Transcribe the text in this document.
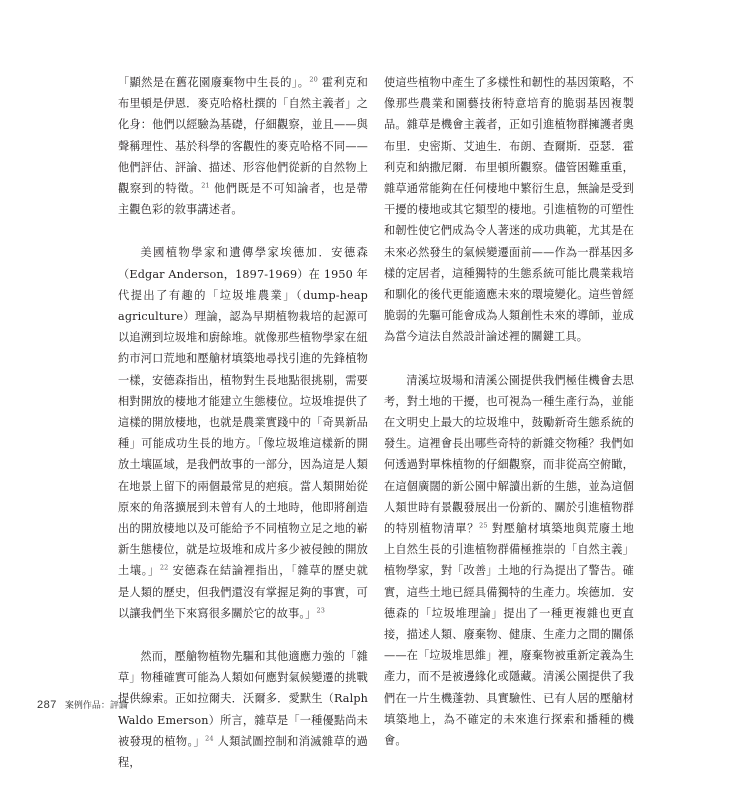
「顯然是在舊花園廢棄物中生長的」。$^{20}$ 霍利克和布里頓是伊恩．麥克哈格杜撰的「自然主義者」之化身：他們以經驗為基礎，仔細觀察，並且——與聲稱理性、基於科學的客觀性的麥克哈格不同——他們評估、評論、描述、形容他們從新的自然物上觀察到的特徵。$^{21}$ 他們既是不可知論者，也是帶主觀色彩的敘事講述者。

美國植物學家和遺傳學家埃德加．安德森（Edgar Anderson，1897-1969）在 1950 年代提出了有趣的「垃圾堆農業」（dump-heap agriculture）理論，認為早期植物栽培的起源可以追溯到垃圾堆和廚餘堆。就像那些植物學家在紐約市河口荒地和壓艙材填築地尋找引進的先鋒植物一樣，安德森指出，植物對生長地點很挑剔，需要相對開放的棲地才能建立生態棲位。垃圾堆提供了這樣的開放棲地，也就是農業實踐中的「奇異新品種」可能成功生長的地方。「像垃圾堆這樣新的開放土壤區域，是我們故事的一部分，因為這是人類在地景上留下的兩個最常見的疤痕。當人類開始從原來的角落擴展到未曾有人的土地時，他即將創造出的開放棲地以及可能給予不同植物立足之地的嶄新生態棲位，就是垃圾堆和成片多少被侵蝕的開放土壤。」$^{22}$ 安德森在結論裡指出，「雜草的歷史就是人類的歷史，但我們還沒有掌握足夠的事實，可以讓我們坐下來寫很多關於它的故事。」$^{23}$

然而，壓艙物植物先驅和其他適應力強的「雜草」物種確實可能為人類如何應對氣候變遷的挑戰提供線索。正如拉爾夫．沃爾多．愛默生（Ralph Waldo Emerson）所言，雜草是「一種優點尚未被發現的植物。」$^{24}$ 人類試圖控制和消滅雜草的過程，

使這些植物中產生了多樣性和韌性的基因策略，不像那些農業和園藝技術特意培育的脆弱基因複製品。雜草是機會主義者，正如引進植物群擁護者奧布里．史密斯、艾迪生．布朗、查爾斯．亞瑟．霍利克和納撒尼爾．布里頓所觀察。儘管困難重重，雜草通常能夠在任何棲地中繁衍生息，無論是受到干擾的棲地或其它類型的棲地。引進植物的可塑性和韌性使它們成為令人著迷的成功典範，尤其是在未來必然發生的氣候變遷面前——作為一群基因多樣的定居者，這種獨特的生態系統可能比農業栽培和馴化的後代更能適應未來的環境變化。這些曾經脆弱的先驅可能會成為人類創性未來的導師，並成為當今這法自然設計論述裡的關鍵工具。

清溪垃圾場和清溪公園提供我們極佳機會去思考，對土地的干擾，也可視為一種生產行為，並能在文明史上最大的垃圾堆中，鼓勵新奇生態系統的發生。這裡會長出哪些奇特的新雜交物種？我們如何透過對單株植物的仔細觀察，而非從高空俯瞰，在這個廣闊的新公園中解讀出新的生態，並為這個人類世時有景觀發展出一份新的、關於引進植物群的特別植物清單？$^{25}$ 對壓艙材填築地與荒廢土地上自然生長的引進植物群備極推崇的「自然主義」植物學家，對「改善」土地的行為提出了警告。確實，這些土地已經具備獨特的生產力。埃德加．安德森的「垃圾堆理論」提出了一種更複雜也更直接，描述人類、廢棄物、健康、生產力之間的關係——在「垃圾堆思維」裡，廢棄物被重新定義為生產力，而不是被邊緣化或隱藏。清溪公園提供了我們在一片生機蓬勃、具實驗性、已有人居的壓艙材填築地上，為不確定的未來進行探索和播種的機會。

287 案例作品：評論
